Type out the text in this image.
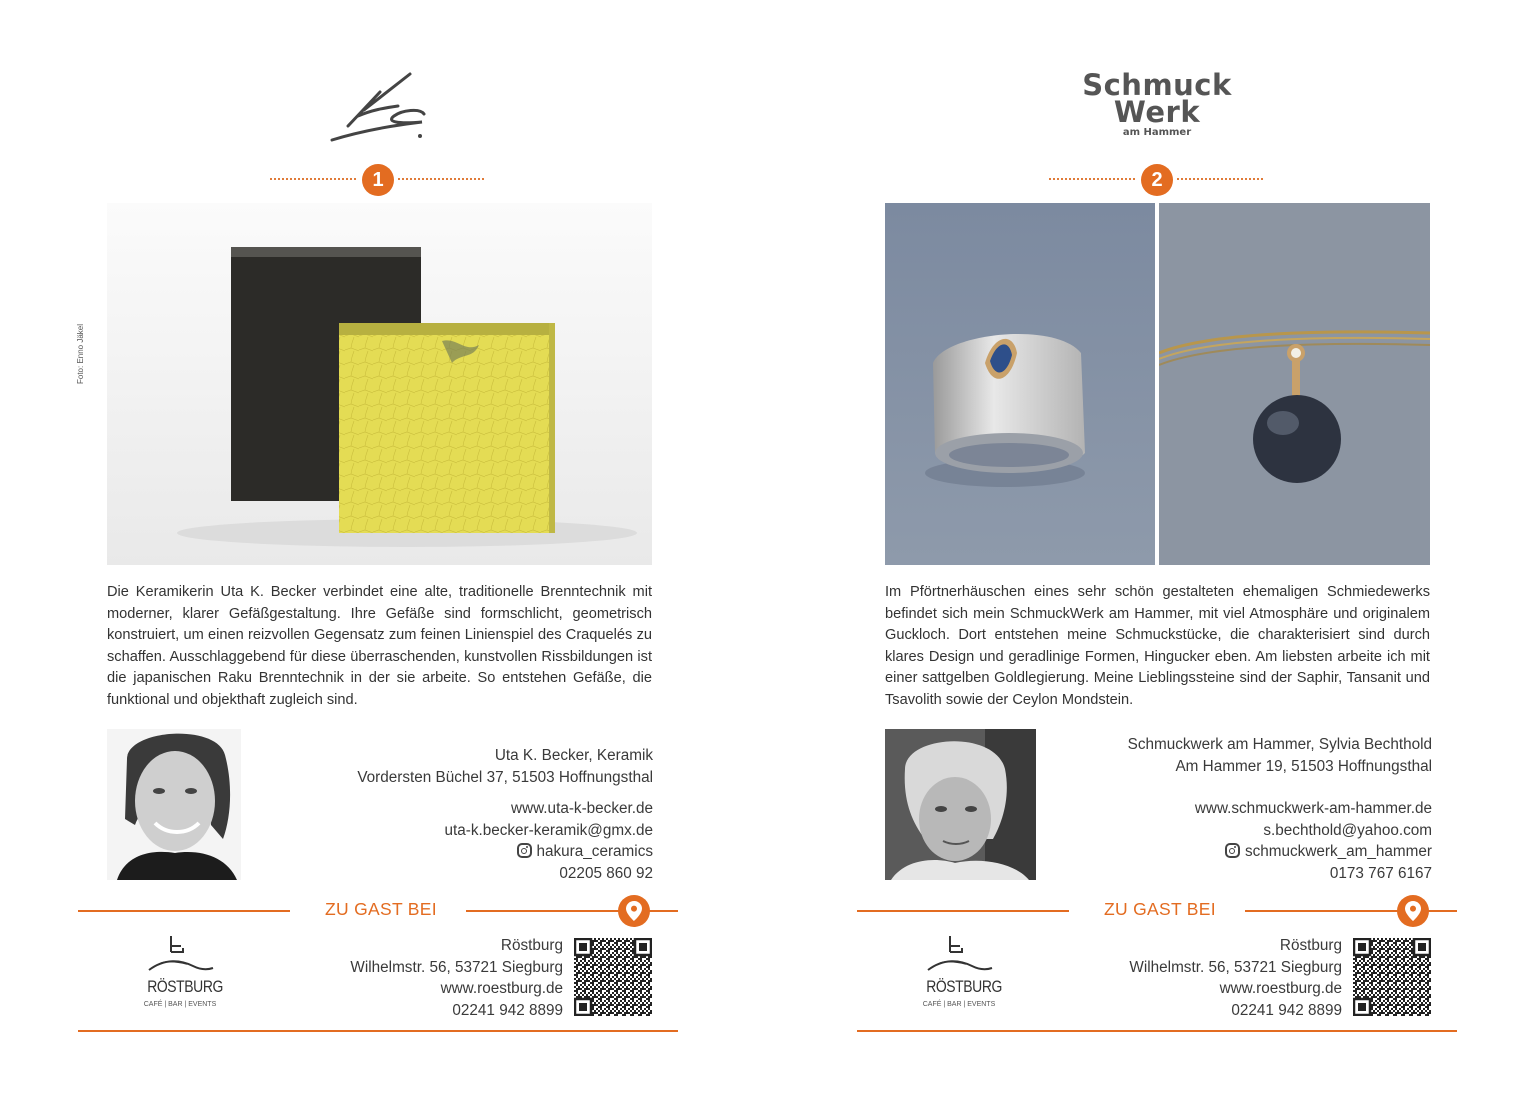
1
Foto: Enno Jäkel

Die Keramikerin Uta K. Becker verbindet eine alte, traditionelle Brenntechnik mit moderner, klarer Gefäßgestaltung. Ihre Gefäße sind formschlicht, geometrisch konstruiert, um einen reizvollen Gegensatz zum feinen Linienspiel des Craquelés zu schaffen. Ausschlaggebend für diese überraschenden, kunstvollen Rissbildungen ist die japanischen Raku Brenntechnik in der sie arbeite. So entstehen Gefäße, die funktional und objekthaft zugleich sind.

Uta K. Becker, Keramik
Vordersten Büchel 37, 51503 Hoffnungsthal
www.uta-k-becker.de
uta-k.becker-keramik@gmx.de
hakura_ceramics
02205 860 92
ZU GAST BEI
RÖSTBURG
CAFÉ | BAR | EVENTS
Röstburg
Wilhelmstr. 56, 53721 Siegburg
www.roestburg.de
02241 942 8899
Schmuck
Werk
am Hammer
2

Im Pförtnerhäuschen eines sehr schön gestalteten ehemaligen Schmiedewerks befindet sich mein SchmuckWerk am Hammer, mit viel Atmosphäre und originalem Guckloch. Dort entstehen meine Schmuckstücke, die charakterisiert sind durch klares Design und geradlinige Formen, Hingucker eben. Am liebsten arbeite ich mit einer sattgelben Goldlegierung. Meine Lieblingssteine sind der Saphir, Tansanit und Tsavolith sowie der Ceylon Mondstein.

Schmuckwerk am Hammer, Sylvia Bechthold
Am Hammer 19, 51503 Hoffnungsthal
www.schmuckwerk-am-hammer.de
s.bechthold@yahoo.com
schmuckwerk_am_hammer
0173 767 6167
ZU GAST BEI
RÖSTBURG
CAFÉ | BAR | EVENTS
Röstburg
Wilhelmstr. 56, 53721 Siegburg
www.roestburg.de
02241 942 8899
